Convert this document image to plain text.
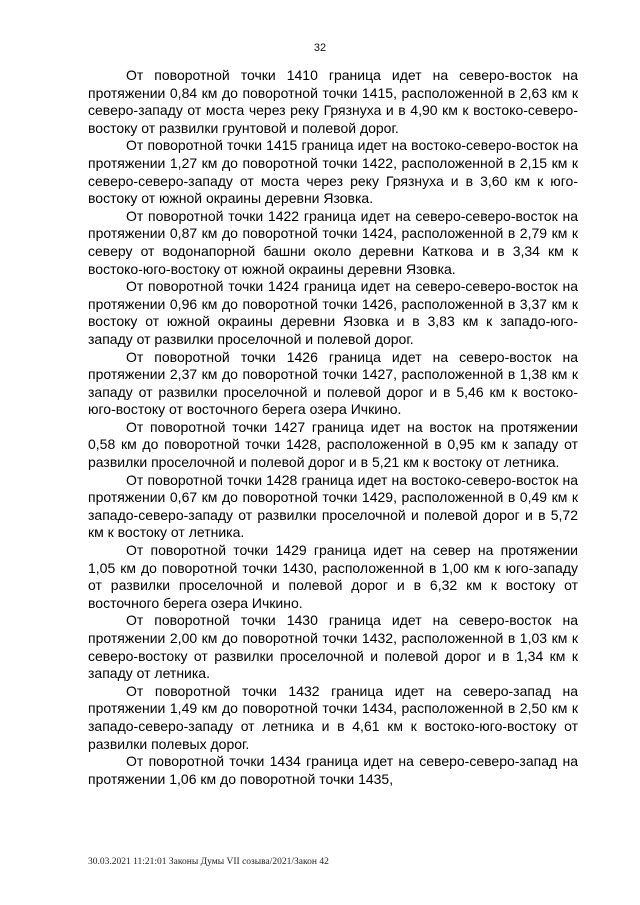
32

От поворотной точки 1410 граница идет на северо-восток на протяжении 0,84 км до поворотной точки 1415, расположенной в 2,63 км к северо-западу от моста через реку Грязнуха и в 4,90 км к востоко-северо-востоку от развилки грунтовой и полевой дорог.

От поворотной точки 1415 граница идет на востоко-северо-восток на протяжении 1,27 км до поворотной точки 1422, расположенной в 2,15 км к северо-северо-западу от моста через реку Грязнуха и в 3,60 км к юго-востоку от южной окраины деревни Язовка.

От поворотной точки 1422 граница идет на северо-северо-восток на протяжении 0,87 км до поворотной точки 1424, расположенной в 2,79 км к северу от водонапорной башни около деревни Каткова и в 3,34 км к востоко-юго-востоку от южной окраины деревни Язовка.

От поворотной точки 1424 граница идет на северо-северо-восток на протяжении 0,96 км до поворотной точки 1426, расположенной в 3,37 км к востоку от южной окраины деревни Язовка и в 3,83 км к западо-юго-западу от развилки проселочной и полевой дорог.

От поворотной точки 1426 граница идет на северо-восток на протяжении 2,37 км до поворотной точки 1427, расположенной в 1,38 км к западу от развилки проселочной и полевой дорог и в 5,46 км к востоко-юго-востоку от восточного берега озера Ичкино.

От поворотной точки 1427 граница идет на восток на протяжении 0,58 км до поворотной точки 1428, расположенной в 0,95 км к западу от развилки проселочной и полевой дорог и в 5,21 км к востоку от летника.

От поворотной точки 1428 граница идет на востоко-северо-восток на протяжении 0,67 км до поворотной точки 1429, расположенной в 0,49 км к западо-северо-западу от развилки проселочной и полевой дорог и в 5,72 км к востоку от летника.

От поворотной точки 1429 граница идет на север на протяжении 1,05 км до поворотной точки 1430, расположенной в 1,00 км к юго-западу от развилки проселочной и полевой дорог и в 6,32 км к востоку от восточного берега озера Ичкино.

От поворотной точки 1430 граница идет на северо-восток на протяжении 2,00 км до поворотной точки 1432, расположенной в 1,03 км к северо-востоку от развилки проселочной и полевой дорог и в 1,34 км к западу от летника.

От поворотной точки 1432 граница идет на северо-запад на протяжении 1,49 км до поворотной точки 1434, расположенной в 2,50 км к западо-северо-западу от летника и в 4,61 км к востоко-юго-востоку от развилки полевых дорог.

От поворотной точки 1434 граница идет на северо-северо-запад на протяжении 1,06 км до поворотной точки 1435,

30.03.2021 11:21:01 Законы Думы VII созыва/2021/Закон 42
